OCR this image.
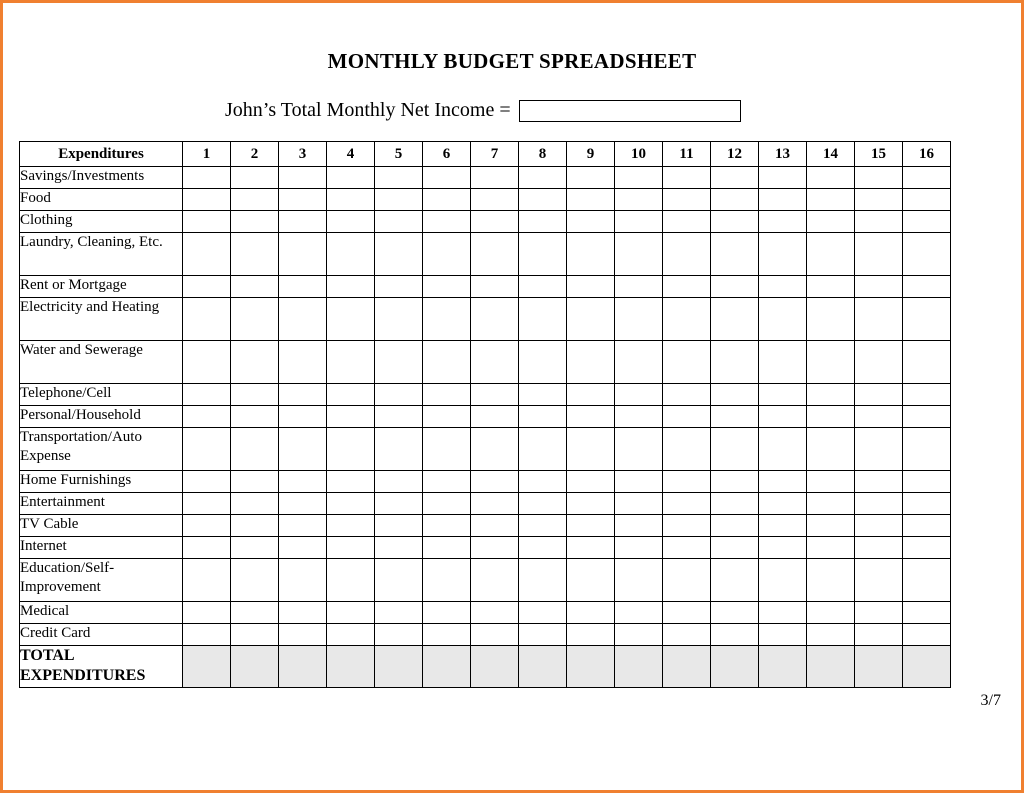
MONTHLY BUDGET SPREADSHEET
John’s Total Monthly Net Income =
Expenditures	1	2	3	4	5	6	7	8	9	10	11	12	13	14	15	16
Savings/Investments																
Food																
Clothing																
Laundry, Cleaning, Etc.																
Rent or Mortgage																
Electricity and Heating																
Water and Sewerage																
Telephone/Cell																
Personal/Household																
Transportation/Auto Expense																
Home Furnishings																
Entertainment																
TV Cable																
Internet																
Education/Self-Improvement																
Medical																
Credit Card																
TOTAL EXPENDITURES																
3/7
